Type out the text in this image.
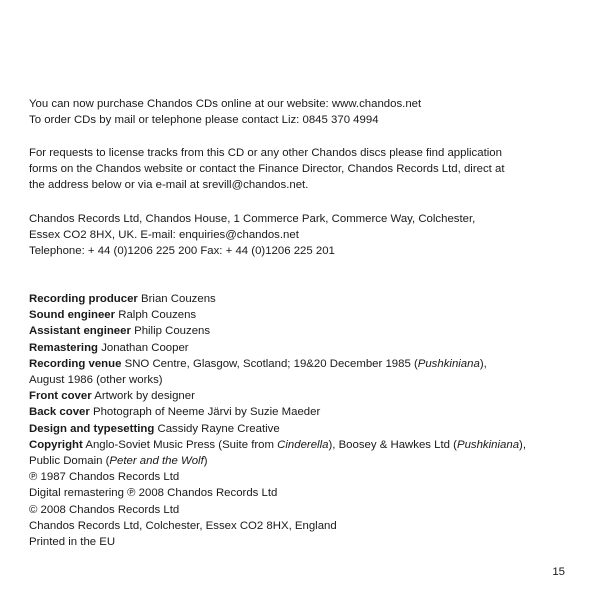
You can now purchase Chandos CDs online at our website: www.chandos.net
To order CDs by mail or telephone please contact Liz: 0845 370 4994
For requests to license tracks from this CD or any other Chandos discs please find application
forms on the Chandos website or contact the Finance Director, Chandos Records Ltd, direct at
the address below or via e-mail at srevill@chandos.net.
Chandos Records Ltd, Chandos House, 1 Commerce Park, Commerce Way, Colchester,
Essex CO2 8HX, UK. E-mail: enquiries@chandos.net
Telephone: + 44 (0)1206 225 200 Fax: + 44 (0)1206 225 201
Recording producer Brian Couzens
Sound engineer Ralph Couzens
Assistant engineer Philip Couzens
Remastering Jonathan Cooper
Recording venue SNO Centre, Glasgow, Scotland; 19&20 December 1985 (Pushkiniana),
August 1986 (other works)
Front cover Artwork by designer
Back cover Photograph of Neeme Järvi by Suzie Maeder
Design and typesetting Cassidy Rayne Creative
Copyright Anglo-Soviet Music Press (Suite from Cinderella), Boosey & Hawkes Ltd (Pushkiniana),
Public Domain (Peter and the Wolf)
℗ 1987 Chandos Records Ltd
Digital remastering ℗ 2008 Chandos Records Ltd
© 2008 Chandos Records Ltd
Chandos Records Ltd, Colchester, Essex CO2 8HX, England
Printed in the EU
15
